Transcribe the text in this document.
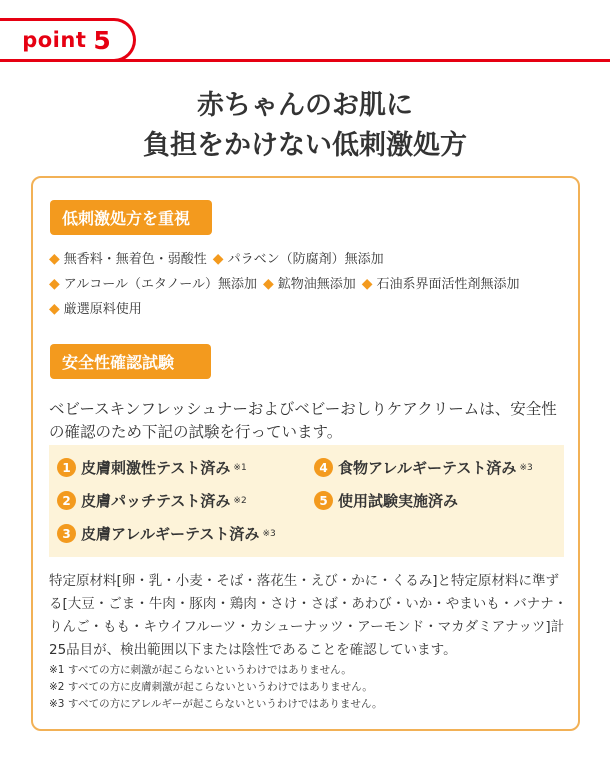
point 5
赤ちゃんのお肌に
負担をかけない低刺激処方
低刺激処方を重視
◆ 無香料・無着色・弱酸性 ◆ パラベン（防腐剤）無添加
◆ アルコール（エタノール）無添加 ◆ 鉱物油無添加 ◆ 石油系界面活性剤無添加
◆ 厳選原料使用
安全性確認試験
ベビースキンフレッシュナーおよびベビーおしりケアクリームは、安全性の確認のため下記の試験を行っています。
1 皮膚刺激性テスト済み ※1
2 皮膚パッチテスト済み ※2
3 皮膚アレルギーテスト済み ※3
4 食物アレルギーテスト済み ※3
5 使用試験実施済み
特定原材料[卵・乳・小麦・そば・落花生・えび・かに・くるみ]と特定原材料に準ずる[大豆・ごま・牛肉・豚肉・鶏肉・さけ・さば・あわび・いか・やまいも・バナナ・りんご・もも・キウイフルーツ・カシューナッツ・アーモンド・マカダミアナッツ]計25品目が、検出範囲以下または陰性であることを確認しています。
※1 すべての方に刺激が起こらないというわけではありません。
※2 すべての方に皮膚刺激が起こらないというわけではありません。
※3 すべての方にアレルギーが起こらないというわけではありません。
